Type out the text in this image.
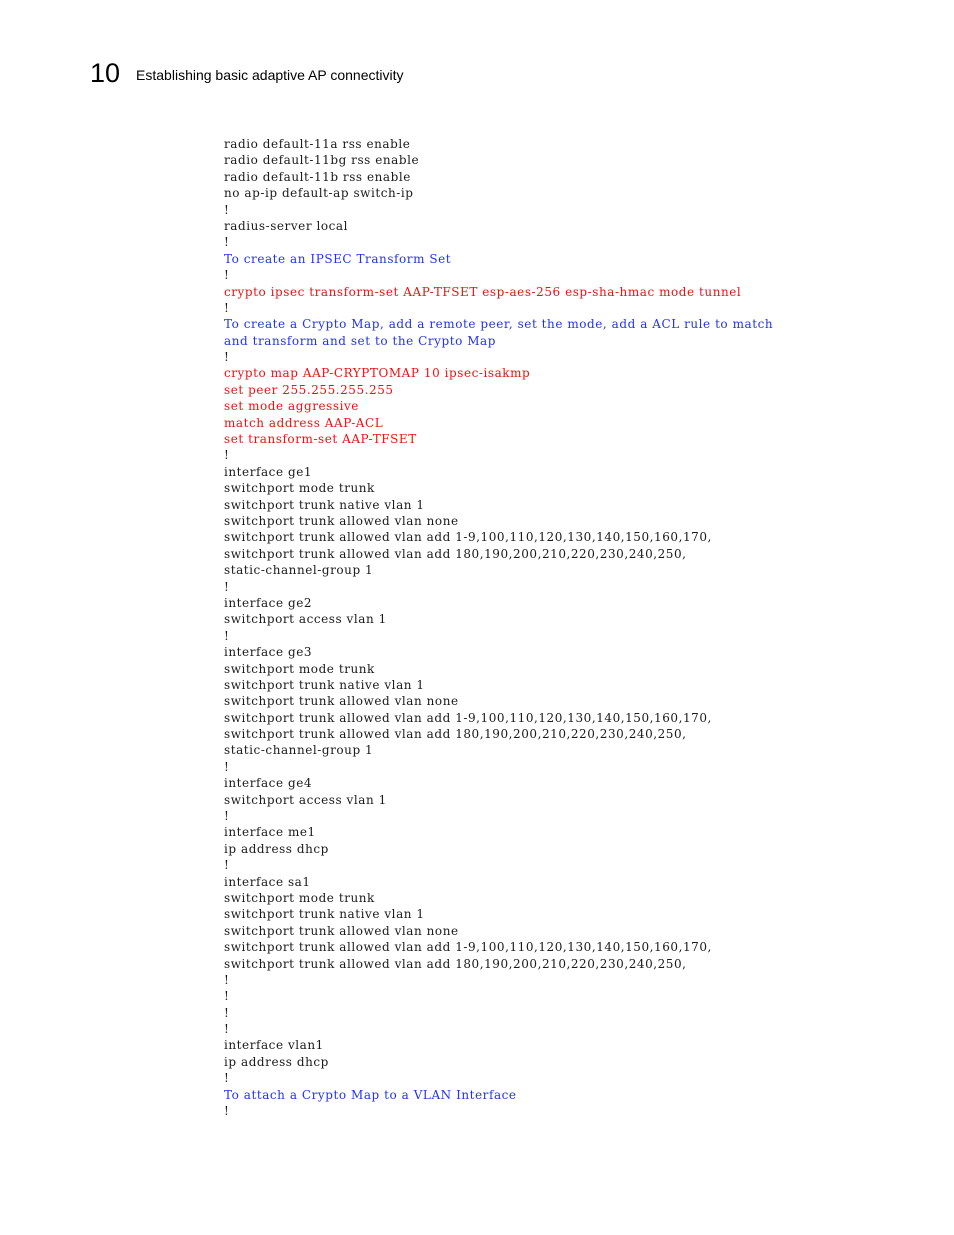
10 Establishing basic adaptive AP connectivity
radio default-11a rss enable
radio default-11bg rss enable
radio default-11b rss enable
no ap-ip default-ap switch-ip
!
radius-server local
!
To create an IPSEC Transform Set
!
crypto ipsec transform-set AAP-TFSET esp-aes-256 esp-sha-hmac mode tunnel
!
To create a Crypto Map, add a remote peer, set the mode, add a ACL rule to match
and transform and set to the Crypto Map
!
crypto map AAP-CRYPTOMAP 10 ipsec-isakmp
set peer 255.255.255.255
set mode aggressive
match address AAP-ACL
set transform-set AAP-TFSET
!
interface ge1
switchport mode trunk
switchport trunk native vlan 1
switchport trunk allowed vlan none
switchport trunk allowed vlan add 1-9,100,110,120,130,140,150,160,170,
switchport trunk allowed vlan add 180,190,200,210,220,230,240,250,
static-channel-group 1
!
interface ge2
switchport access vlan 1
!
interface ge3
switchport mode trunk
switchport trunk native vlan 1
switchport trunk allowed vlan none
switchport trunk allowed vlan add 1-9,100,110,120,130,140,150,160,170,
switchport trunk allowed vlan add 180,190,200,210,220,230,240,250,
static-channel-group 1
!
interface ge4
switchport access vlan 1
!
interface me1
ip address dhcp
!
interface sa1
switchport mode trunk
switchport trunk native vlan 1
switchport trunk allowed vlan none
switchport trunk allowed vlan add 1-9,100,110,120,130,140,150,160,170,
switchport trunk allowed vlan add 180,190,200,210,220,230,240,250,
!
!
!
!
interface vlan1
ip address dhcp
!
To attach a Crypto Map to a VLAN Interface
!
